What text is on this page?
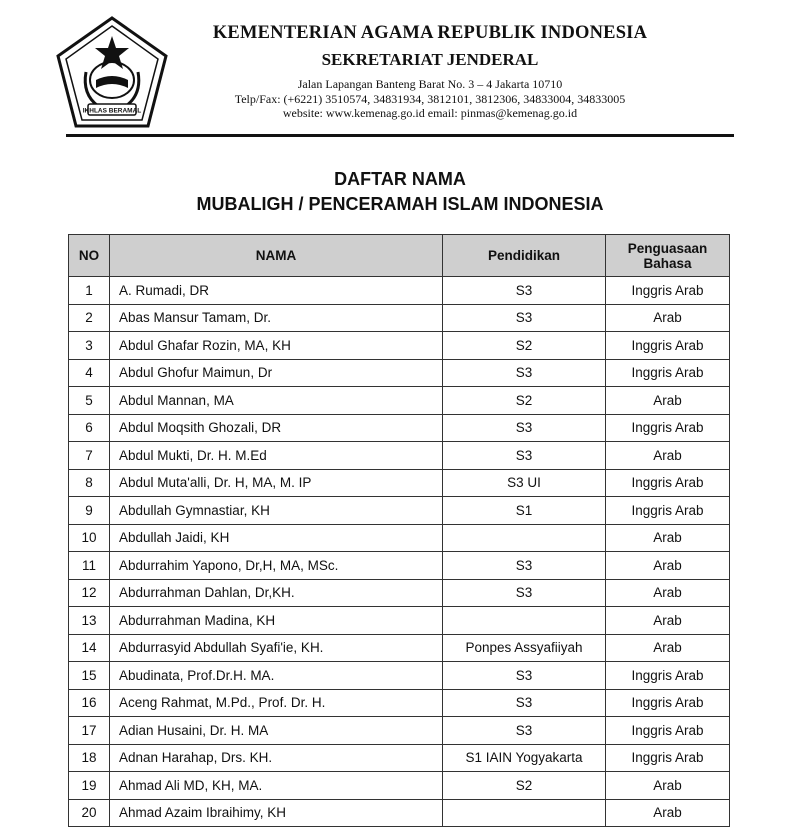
IKHLAS BERAMAL
KEMENTERIAN AGAMA REPUBLIK INDONESIA
SEKRETARIAT JENDERAL
Jalan Lapangan Banteng Barat No. 3 – 4 Jakarta 10710
Telp/Fax: (+6221) 3510574, 34831934, 3812101, 3812306, 34833004, 34833005
website: www.kemenag.go.id email: pinmas@kemenag.go.id
DAFTAR NAMA
MUBALIGH / PENCERAMAH ISLAM INDONESIA
NO	NAMA	Pendidikan	Penguasaan
Bahasa

1	A. Rumadi, DR	S3	Inggris Arab
2	Abas Mansur Tamam, Dr.	S3	Arab
3	Abdul Ghafar Rozin, MA, KH	S2	Inggris Arab
4	Abdul Ghofur Maimun, Dr	S3	Inggris Arab
5	Abdul Mannan, MA	S2	Arab
6	Abdul Moqsith Ghozali, DR	S3	Inggris Arab
7	Abdul Mukti, Dr. H. M.Ed	S3	Arab
8	Abdul Muta'alli, Dr. H, MA, M. IP	S3 UI	Inggris Arab
9	Abdullah Gymnastiar, KH	S1	Inggris Arab
10	Abdullah Jaidi, KH		Arab
11	Abdurrahim Yapono, Dr,H, MA, MSc.	S3	Arab
12	Abdurrahman Dahlan, Dr,KH.	S3	Arab
13	Abdurrahman Madina, KH		Arab
14	Abdurrasyid Abdullah Syafi'ie, KH.	Ponpes Assyafiiyah	Arab
15	Abudinata, Prof.Dr.H. MA.	S3	Inggris Arab
16	Aceng Rahmat, M.Pd., Prof. Dr. H.	S3	Inggris Arab
17	Adian Husaini, Dr. H. MA	S3	Inggris Arab
18	Adnan Harahap, Drs. KH.	S1 IAIN Yogyakarta	Inggris Arab
19	Ahmad Ali MD, KH, MA.	S2	Arab
20	Ahmad Azaim Ibraihimy, KH		Arab
